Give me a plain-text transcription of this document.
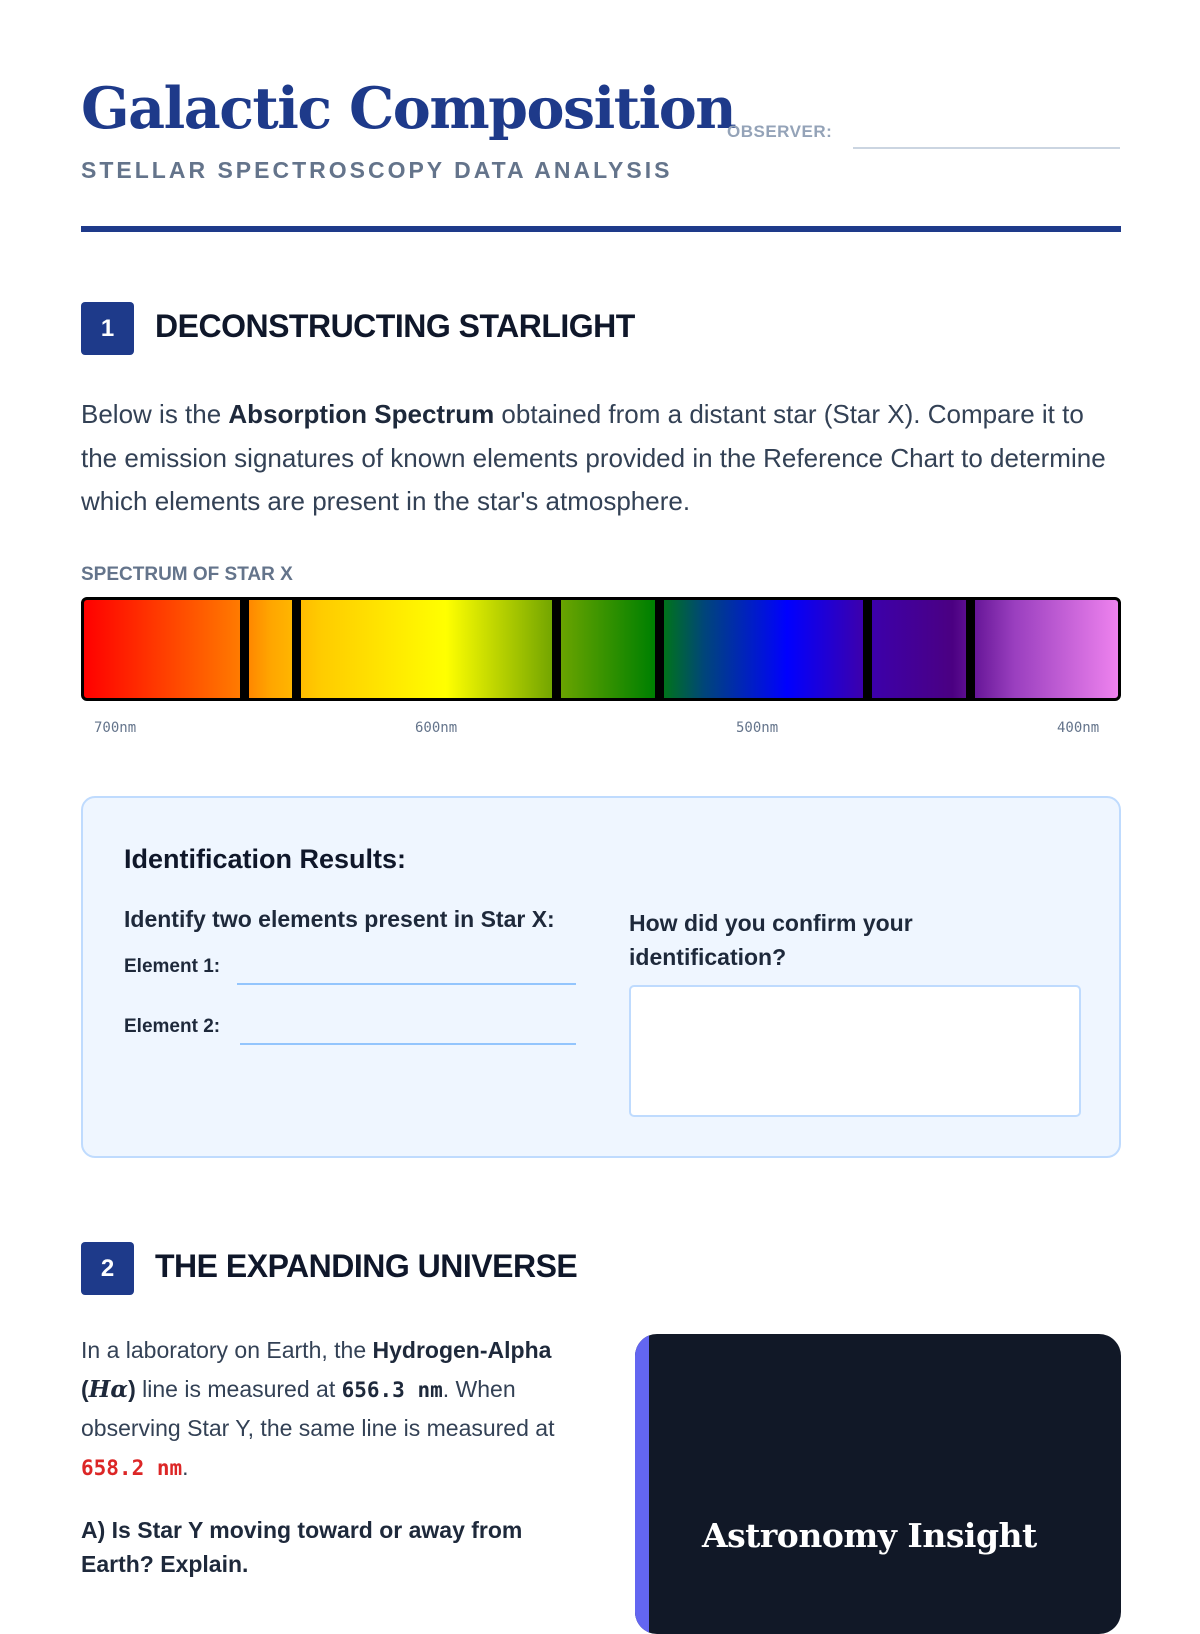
Galactic Composition
STELLAR SPECTROSCOPY DATA ANALYSIS
OBSERVER:
1	DECONSTRUCTING STARLIGHT
Below is the Absorption Spectrum obtained from a distant star (Star X). Compare it to the emission signatures of known elements provided in the Reference Chart to determine which elements are present in the star's atmosphere.
SPECTRUM OF STAR X
700nm	600nm	500nm	400nm
Identification Results:
Identify two elements present in Star X:
Element 1:
Element 2:
How did you confirm your identification?
2	THE EXPANDING UNIVERSE
In a laboratory on Earth, the Hydrogen-Alpha (Hα) line is measured at 656.3 nm. When observing Star Y, the same line is measured at 658.2 nm.
A) Is Star Y moving toward or away from Earth? Explain.
Astronomy Insight
